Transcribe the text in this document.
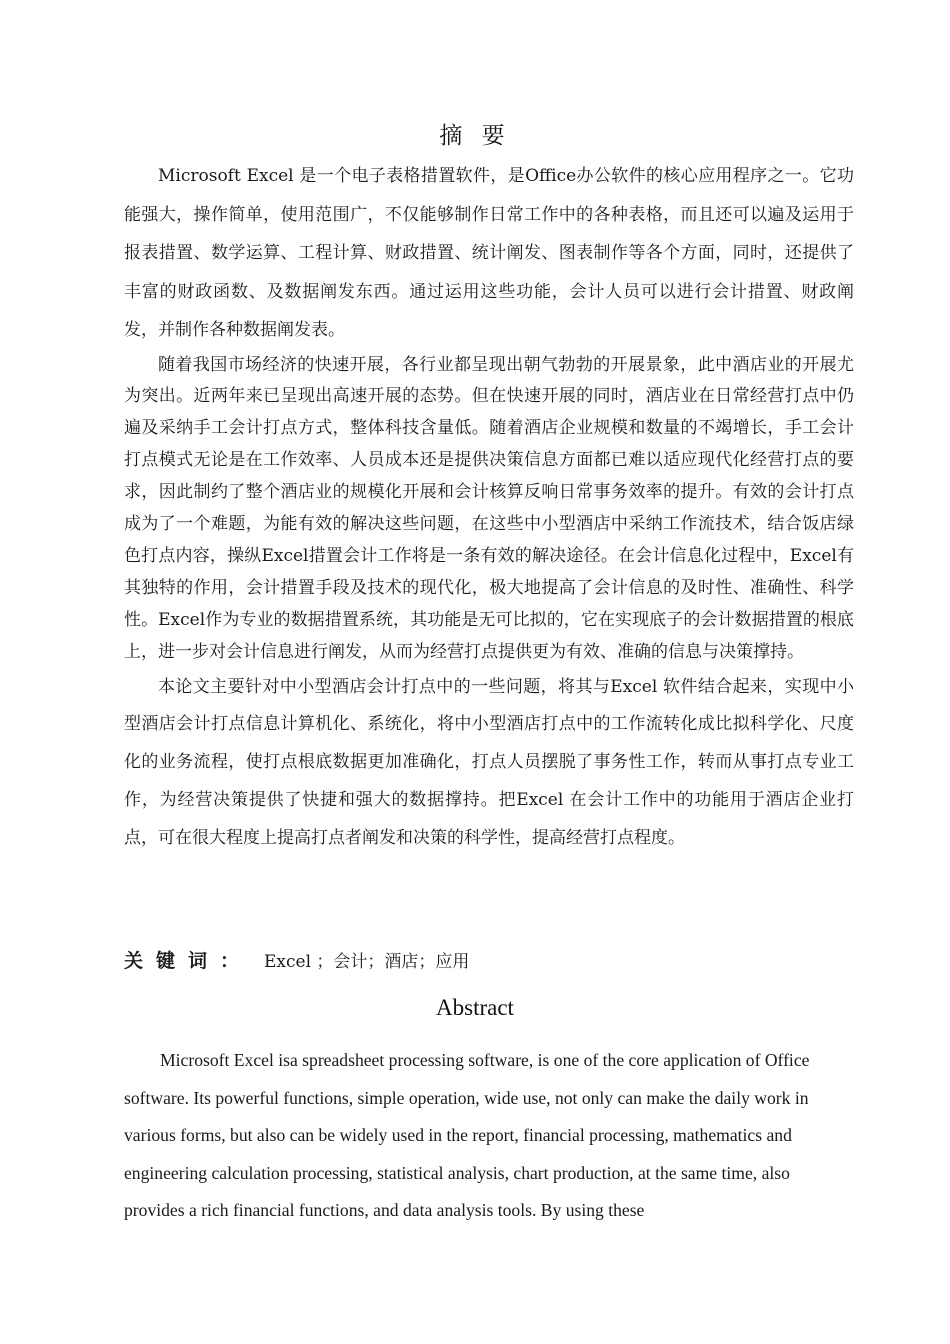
摘 要

Microsoft Excel 是一个电子表格措置软件，是Office办公软件的核心应用程序之一。它功能强大，操作简单，使用范围广，不仅能够制作日常工作中的各种表格，而且还可以遍及运用于报表措置、数学运算、工程计算、财政措置、统计阐发、图表制作等各个方面，同时，还提供了丰富的财政函数、及数据阐发东西。通过运用这些功能，会计人员可以进行会计措置、财政阐发，并制作各种数据阐发表。

随着我国市场经济的快速开展，各行业都呈现出朝气勃勃的开展景象，此中酒店业的开展尤为突出。近两年来已呈现出高速开展的态势。但在快速开展的同时，酒店业在日常经营打点中仍遍及采纳手工会计打点方式，整体科技含量低。随着酒店企业规模和数量的不竭增长，手工会计打点模式无论是在工作效率、人员成本还是提供决策信息方面都已难以适应现代化经营打点的要求，因此制约了整个酒店业的规模化开展和会计核算反响日常事务效率的提升。有效的会计打点成为了一个难题，为能有效的解决这些问题，在这些中小型酒店中采纳工作流技术，结合饭店绿色打点内容，操纵Excel措置会计工作将是一条有效的解决途径。在会计信息化过程中，Excel有其独特的作用，会计措置手段及技术的现代化，极大地提高了会计信息的及时性、准确性、科学性。Excel作为专业的数据措置系统，其功能是无可比拟的，它在实现底子的会计数据措置的根底上，进一步对会计信息进行阐发，从而为经营打点提供更为有效、准确的信息与决策撑持。

本论文主要针对中小型酒店会计打点中的一些问题，将其与Excel 软件结合起来，实现中小型酒店会计打点信息计算机化、系统化，将中小型酒店打点中的工作流转化成比拟科学化、尺度化的业务流程，使打点根底数据更加准确化，打点人员摆脱了事务性工作，转而从事打点专业工作，为经营决策提供了快捷和强大的数据撑持。把Excel 在会计工作中的功能用于酒店企业打点，可在很大程度上提高打点者阐发和决策的科学性，提高经营打点程度。

关键词： Excel ；会计；酒店；应用
Abstract

Microsoft Excel isa spreadsheet processing software, is one of the core application of Office software. Its powerful functions, simple operation, wide use, not only can make the daily work in various forms, but also can be widely used in the report, financial processing, mathematics and engineering calculation processing, statistical analysis, chart production, at the same time, also provides a rich financial functions, and data analysis tools. By using these
